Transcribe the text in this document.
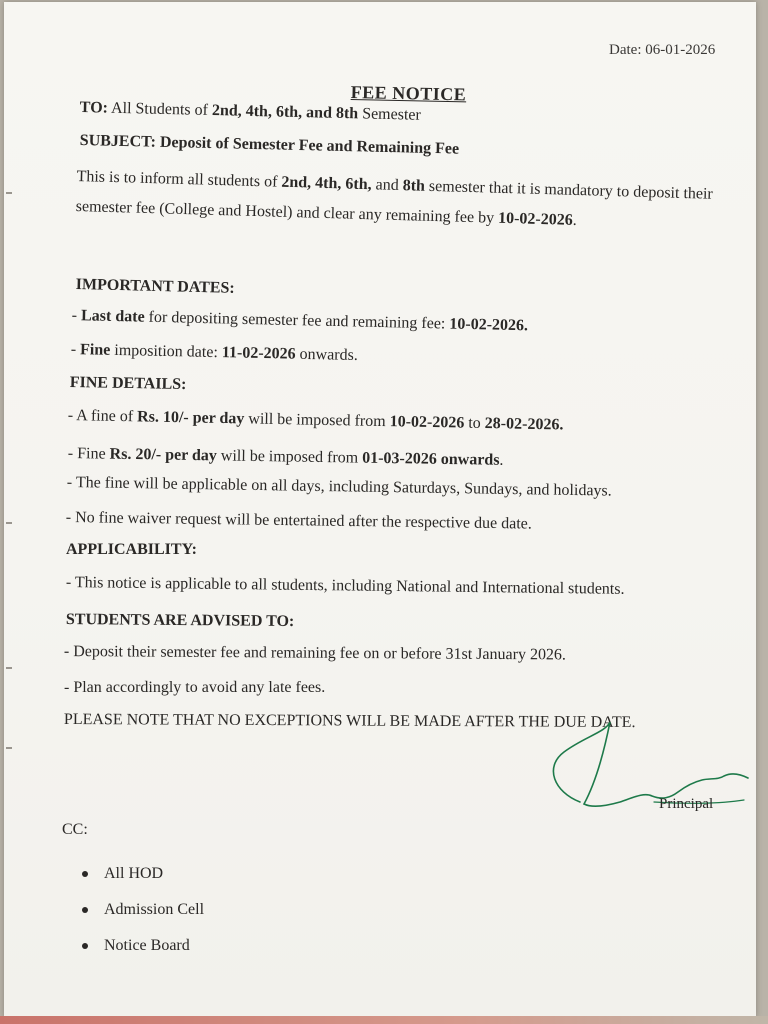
Date: 06-01-2026
FEE NOTICE
TO: All Students of 2nd, 4th, 6th, and 8th Semester
SUBJECT: Deposit of Semester Fee and Remaining Fee
This is to inform all students of 2nd, 4th, 6th, and 8th semester that it is mandatory to deposit their semester fee (College and Hostel) and clear any remaining fee by 10-02-2026.
IMPORTANT DATES:
- Last date for depositing semester fee and remaining fee: 10-02-2026.
- Fine imposition date: 11-02-2026 onwards.
FINE DETAILS:
- A fine of Rs. 10/- per day will be imposed from 10-02-2026 to 28-02-2026.
- Fine Rs. 20/- per day will be imposed from 01-03-2026 onwards.
- The fine will be applicable on all days, including Saturdays, Sundays, and holidays.
- No fine waiver request will be entertained after the respective due date.
APPLICABILITY:
- This notice is applicable to all students, including National and International students.
STUDENTS ARE ADVISED TO:
- Deposit their semester fee and remaining fee on or before 31st January 2026.
- Plan accordingly to avoid any late fees.
PLEASE NOTE THAT NO EXCEPTIONS WILL BE MADE AFTER THE DUE DATE.
Principal
CC:
All HOD
Admission Cell
Notice Board
